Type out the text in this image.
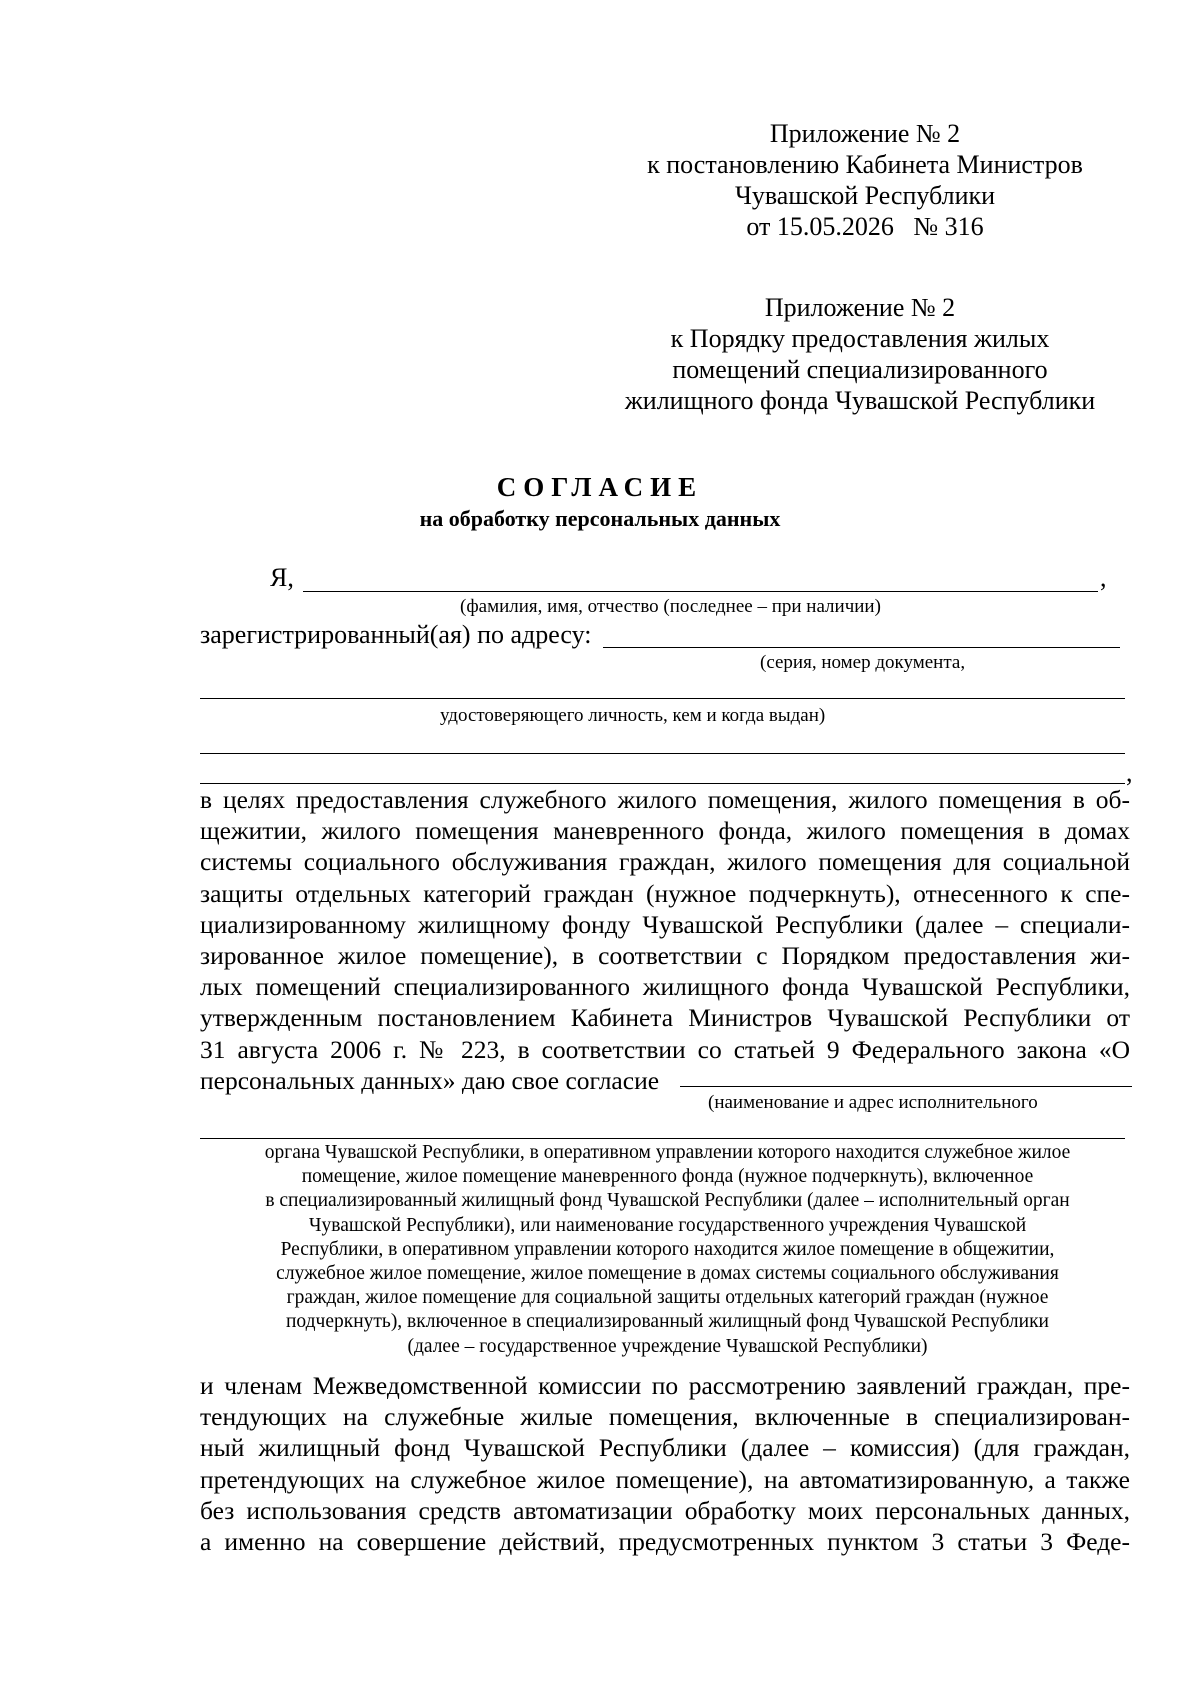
Приложение № 2
к постановлению Кабинета Министров
Чувашской Республики
от 15.05.2026   № 316
Приложение № 2
к Порядку предоставления жилых
помещений специализированного
жилищного фонда Чувашской Республики
СОГЛАСИЕ
на обработку персональных данных
Я,	,
(фамилия, имя, отчество (последнее – при наличии)
зарегистрированный(ая) по адресу:
(серия, номер документа,
удостоверяющего личность, кем и когда выдан)
,
в целях предоставления служебного жилого помещения, жилого помещения в об-
щежитии, жилого помещения маневренного фонда, жилого помещения в домах
системы социального обслуживания граждан, жилого помещения для социальной
защиты отдельных категорий граждан (нужное подчеркнуть), отнесенного к спе-
циализированному жилищному фонду Чувашской Республики (далее – специали-
зированное жилое помещение), в соответствии с Порядком предоставления жи-
лых помещений специализированного жилищного фонда Чувашской Республики,
утвержденным постановлением Кабинета Министров Чувашской Республики от
31 августа 2006 г. № 223, в соответствии со статьей 9 Федерального закона «О
персональных данных» даю свое согласие
(наименование и адрес исполнительного
органа Чувашской Республики, в оперативном управлении которого находится служебное жилое
помещение, жилое помещение маневренного фонда (нужное подчеркнуть), включенное
в специализированный жилищный фонд Чувашской Республики (далее – исполнительный орган
Чувашской Республики), или наименование государственного учреждения Чувашской
Республики, в оперативном управлении которого находится жилое помещение в общежитии,
служебное жилое помещение, жилое помещение в домах системы социального обслуживания
граждан, жилое помещение для социальной защиты отдельных категорий граждан (нужное
подчеркнуть), включенное в специализированный жилищный фонд Чувашской Республики
(далее – государственное учреждение Чувашской Республики)
и членам Межведомственной комиссии по рассмотрению заявлений граждан, пре-
тендующих на служебные жилые помещения, включенные в специализирован-
ный жилищный фонд Чувашской Республики (далее – комиссия) (для граждан,
претендующих на служебное жилое помещение), на автоматизированную, а также
без использования средств автоматизации обработку моих персональных данных,
а именно на совершение действий, предусмотренных пунктом 3 статьи 3 Феде-
